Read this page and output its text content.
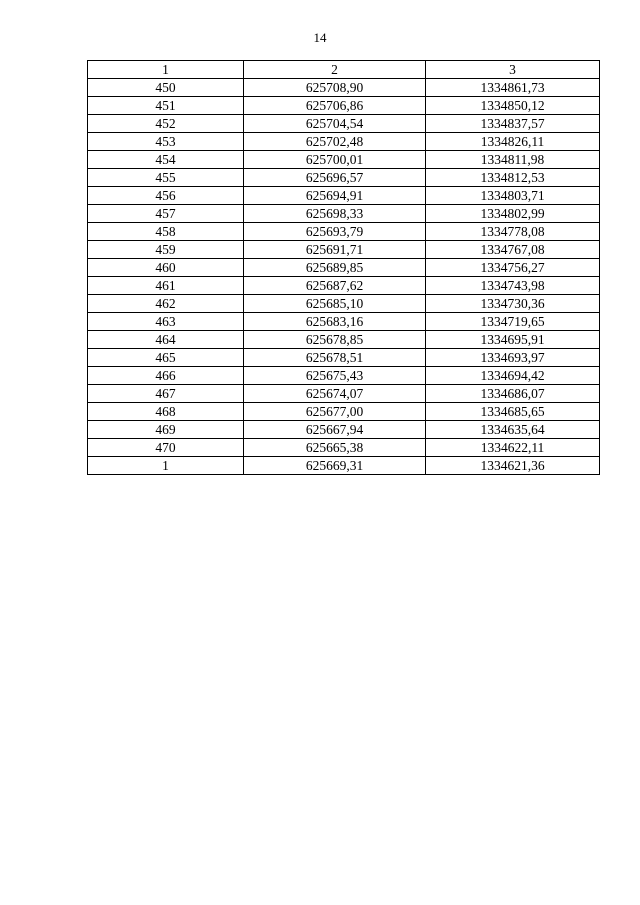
14
1	2	3
450	625708,90	1334861,73
451	625706,86	1334850,12
452	625704,54	1334837,57
453	625702,48	1334826,11
454	625700,01	1334811,98
455	625696,57	1334812,53
456	625694,91	1334803,71
457	625698,33	1334802,99
458	625693,79	1334778,08
459	625691,71	1334767,08
460	625689,85	1334756,27
461	625687,62	1334743,98
462	625685,10	1334730,36
463	625683,16	1334719,65
464	625678,85	1334695,91
465	625678,51	1334693,97
466	625675,43	1334694,42
467	625674,07	1334686,07
468	625677,00	1334685,65
469	625667,94	1334635,64
470	625665,38	1334622,11
1	625669,31	1334621,36
